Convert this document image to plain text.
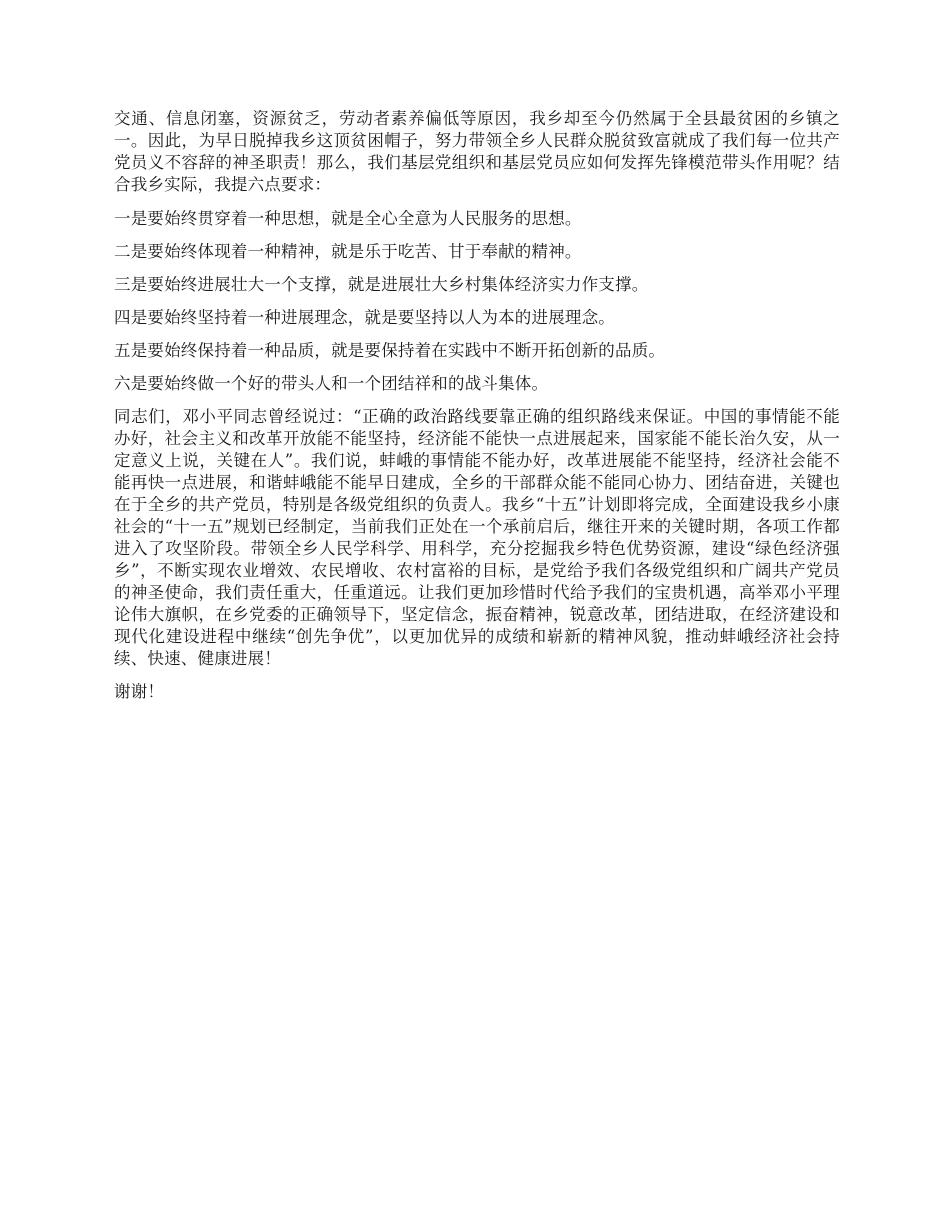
交通、信息闭塞，资源贫乏，劳动者素养偏低等原因，我乡却至今仍然属于全县最贫困的乡镇之一。因此，为早日脱掉我乡这顶贫困帽子，努力带领全乡人民群众脱贫致富就成了我们每一位共产党员义不容辞的神圣职责！那么，我们基层党组织和基层党员应如何发挥先锋模范带头作用呢？结合我乡实际，我提六点要求：

一是要始终贯穿着一种思想，就是全心全意为人民服务的思想。

二是要始终体现着一种精神，就是乐于吃苦、甘于奉献的精神。

三是要始终进展壮大一个支撑，就是进展壮大乡村集体经济实力作支撑。

四是要始终坚持着一种进展理念，就是要坚持以人为本的进展理念。

五是要始终保持着一种品质，就是要保持着在实践中不断开拓创新的品质。

六是要始终做一个好的带头人和一个团结祥和的战斗集体。

同志们，邓小平同志曾经说过：“正确的政治路线要靠正确的组织路线来保证。中国的事情能不能办好，社会主义和改革开放能不能坚持，经济能不能快一点进展起来，国家能不能长治久安，从一定意义上说，关键在人”。我们说，蚌峨的事情能不能办好，改革进展能不能坚持，经济社会能不能再快一点进展，和谐蚌峨能不能早日建成，全乡的干部群众能不能同心协力、团结奋进，关键也在于全乡的共产党员，特别是各级党组织的负责人。我乡“十五”计划即将完成，全面建设我乡小康社会的“十一五”规划已经制定，当前我们正处在一个承前启后，继往开来的关键时期，各项工作都进入了攻坚阶段。带领全乡人民学科学、用科学，充分挖掘我乡特色优势资源，建设“绿色经济强乡”，不断实现农业增效、农民增收、农村富裕的目标，是党给予我们各级党组织和广阔共产党员的神圣使命，我们责任重大，任重道远。让我们更加珍惜时代给予我们的宝贵机遇，高举邓小平理论伟大旗帜，在乡党委的正确领导下，坚定信念，振奋精神，锐意改革，团结进取，在经济建设和现代化建设进程中继续“创先争优”，以更加优异的成绩和崭新的精神风貌，推动蚌峨经济社会持续、快速、健康进展！

谢谢！
